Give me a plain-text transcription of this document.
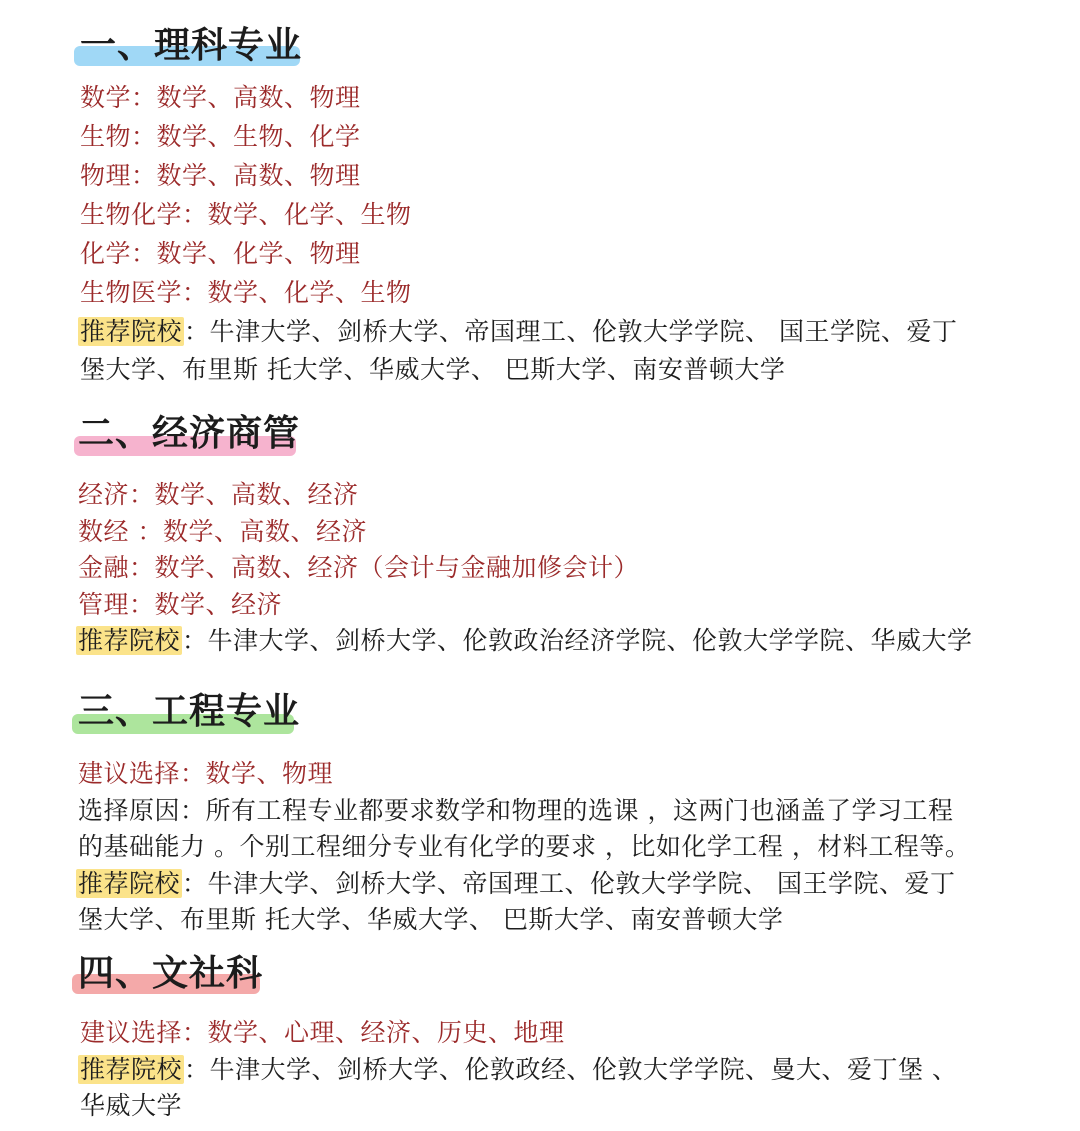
一、理科专业
数学：数学、高数、物理
生物：数学、生物、化学
物理：数学、高数、物理
生物化学：数学、化学、生物
化学：数学、化学、物理
生物医学：数学、化学、生物
推荐院校：牛津大学、剑桥大学、帝国理工、伦敦大学学院、 国王学院、爱丁
堡大学、布里斯 托大学、华威大学、 巴斯大学、南安普顿大学
二、经济商管
经济：数学、高数、经济
数经 ：数学、高数、经济
金融：数学、高数、经济（会计与金融加修会计）
管理：数学、经济
推荐院校：牛津大学、剑桥大学、伦敦政治经济学院、伦敦大学学院、华威大学
三、工程专业
建议选择：数学、物理
选择原因：所有工程专业都要求数学和物理的选课 ，这两门也涵盖了学习工程
的基础能力 。个别工程细分专业有化学的要求 ，比如化学工程 ，材料工程等。
推荐院校：牛津大学、剑桥大学、帝国理工、伦敦大学学院、 国王学院、爱丁
堡大学、布里斯 托大学、华威大学、 巴斯大学、南安普顿大学
四、文社科
建议选择：数学、心理、经济、历史、地理
推荐院校：牛津大学、剑桥大学、伦敦政经、伦敦大学学院、曼大、爱丁堡 、
华威大学
